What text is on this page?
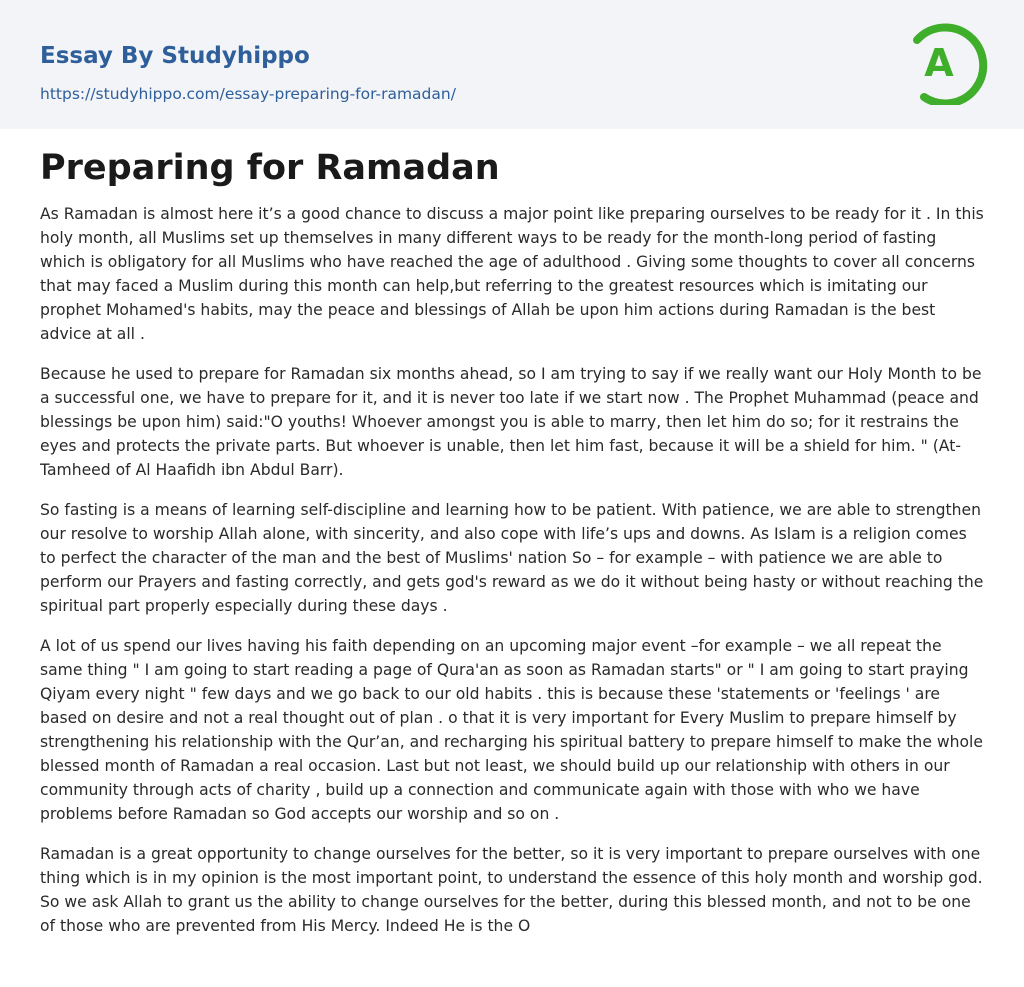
Essay By Studyhippo
https://studyhippo.com/essay-preparing-for-ramadan/
A
Preparing for Ramadan

As Ramadan is almost here it’s a good chance to discuss a major point like preparing ourselves to be ready for it . In this holy month, all Muslims set up themselves in many different ways to be ready for the month-long period of fasting which is obligatory for all Muslims who have reached the age of adulthood . Giving some thoughts to cover all concerns that may faced a Muslim during this month can help,but referring to the greatest resources which is imitating our prophet Mohamed's habits, may the peace and blessings of Allah be upon him actions during Ramadan is the best advice at all .

Because he used to prepare for Ramadan six months ahead, so I am trying to say if we really want our Holy Month to be a successful one, we have to prepare for it, and it is never too late if we start now . The Prophet Muhammad (peace and blessings be upon him) said:"O youths! Whoever amongst you is able to marry, then let him do so; for it restrains the eyes and protects the private parts. But whoever is unable, then let him fast, because it will be a shield for him. " (At-Tamheed of Al Haafidh ibn Abdul Barr).

So fasting is a means of learning self-discipline and learning how to be patient. With patience, we are able to strengthen our resolve to worship Allah alone, with sincerity, and also cope with life’s ups and downs. As Islam is a religion comes to perfect the character of the man and the best of Muslims' nation So – for example – with patience we are able to perform our Prayers and fasting correctly, and gets god's reward as we do it without being hasty or without reaching the spiritual part properly especially during these days .

A lot of us spend our lives having his faith depending on an upcoming major event –for example – we all repeat the same thing " I am going to start reading a page of Qura'an as soon as Ramadan starts" or " I am going to start praying Qiyam every night " few days and we go back to our old habits . this is because these 'statements or 'feelings ' are based on desire and not a real thought out of plan . o that it is very important for Every Muslim to prepare himself by strengthening his relationship with the Qur’an, and recharging his spiritual battery to prepare himself to make the whole blessed month of Ramadan a real occasion. Last but not least, we should build up our relationship with others in our community through acts of charity , build up a connection and communicate again with those with who we have problems before Ramadan so God accepts our worship and so on .

Ramadan is a great opportunity to change ourselves for the better, so it is very important to prepare ourselves with one thing which is in my opinion is the most important point, to understand the essence of this holy month and worship god. So we ask Allah to grant us the ability to change ourselves for the better, during this blessed month, and not to be one of those who are prevented from His Mercy. Indeed He is the O
